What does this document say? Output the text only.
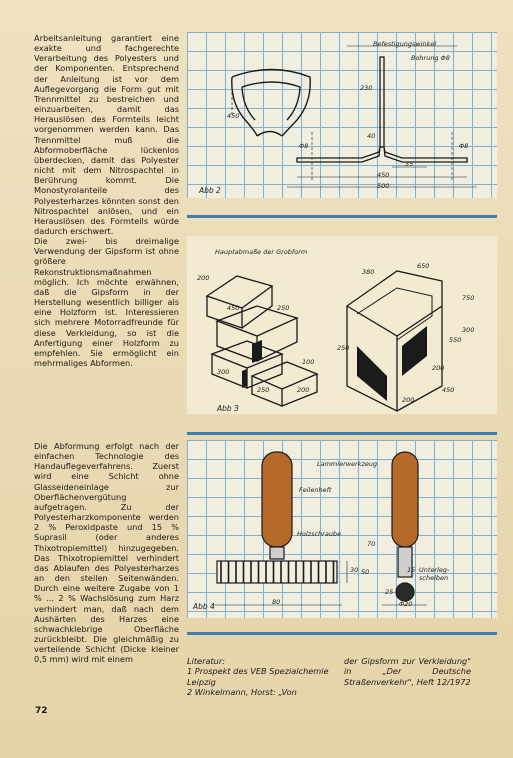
Arbeitsanleitung garantiert eine exakte und fachgerechte Verarbeitung des Polyesters und der Komponenten. Entsprechend der Anleitung ist vor dem Auflegevorgang die Form gut mit Trennmittel zu bestreichen und einzuarbeiten, damit das Herauslösen des Formteils leicht vorgenommen werden kann. Das Trennmittel muß die Abformoberfläche lückenlos überdecken, damit das Polyester nicht mit dem Nitrospachtel in Berührung kommt. Die Monostyrolanteile des Polyesterharzes könnten sonst den Nitrospachtel anlösen, und ein Herauslösen des Formteils würde dadurch erschwert.

Die zwei- bis dreimalige Verwendung der Gipsform ist ohne größere Rekonstruktionsmaßnahmen möglich. Ich möchte erwähnen, daß die Gipsform in der Herstellung wesentlich billiger als eine Holzform ist. Interessieren sich mehrere Motorradfreunde für diese Verkleidung, so ist die Anfertigung einer Holzform zu empfehlen. Sie ermöglicht ein mehrmaliges Abformen.

Die Abformung erfolgt nach der einfachen Technologie des Handauflegeverfahrens. Zuerst wird eine Schicht ohne Glasseideneinlage zur Oberflächenvergütung aufgetragen. Zu der Polyesterharzkomponente werden 2 % Peroxidpaste und 15 % Suprasil (oder anderes Thixotropiemittel) hinzugegeben. Das Thixotropiemittel verhindert das Ablaufen des Polyesterharzes an den steilen Seitenwänden. Durch eine weitere Zugabe von 1 % ... 2 % Wachslösung zum Harz verhindert man, daß nach dem Aushärten des Harzes eine schwachklebrige Oberfläche zurückbleibt. Die gleichmäßig zu verteilende Schicht (Dicke kleiner 0,5 mm) wird mit einem

Befestigungswinkel
Bohrung Φ8
230
450
40
Φ8	Φ8
35
450
500
Abb 2
Hauptabmaße der Grobform
200
450	250
300
250	200
100
380
650
750
300
550
200
200
450
250
Abb 3
Lammierwerkzeug
Feilenheft
Holzschraube
Unterleg-scheiben
80
30	15
50
25
Φ20
70
Abb 4
Literatur:
1 Prospekt des VEB Spezialchemie Leipzig
2 Winkelmann, Horst: „Von
der Gipsform zur Verkleidung" in „Der Deutsche Straßenverkehr", Heft 12/1972
72
